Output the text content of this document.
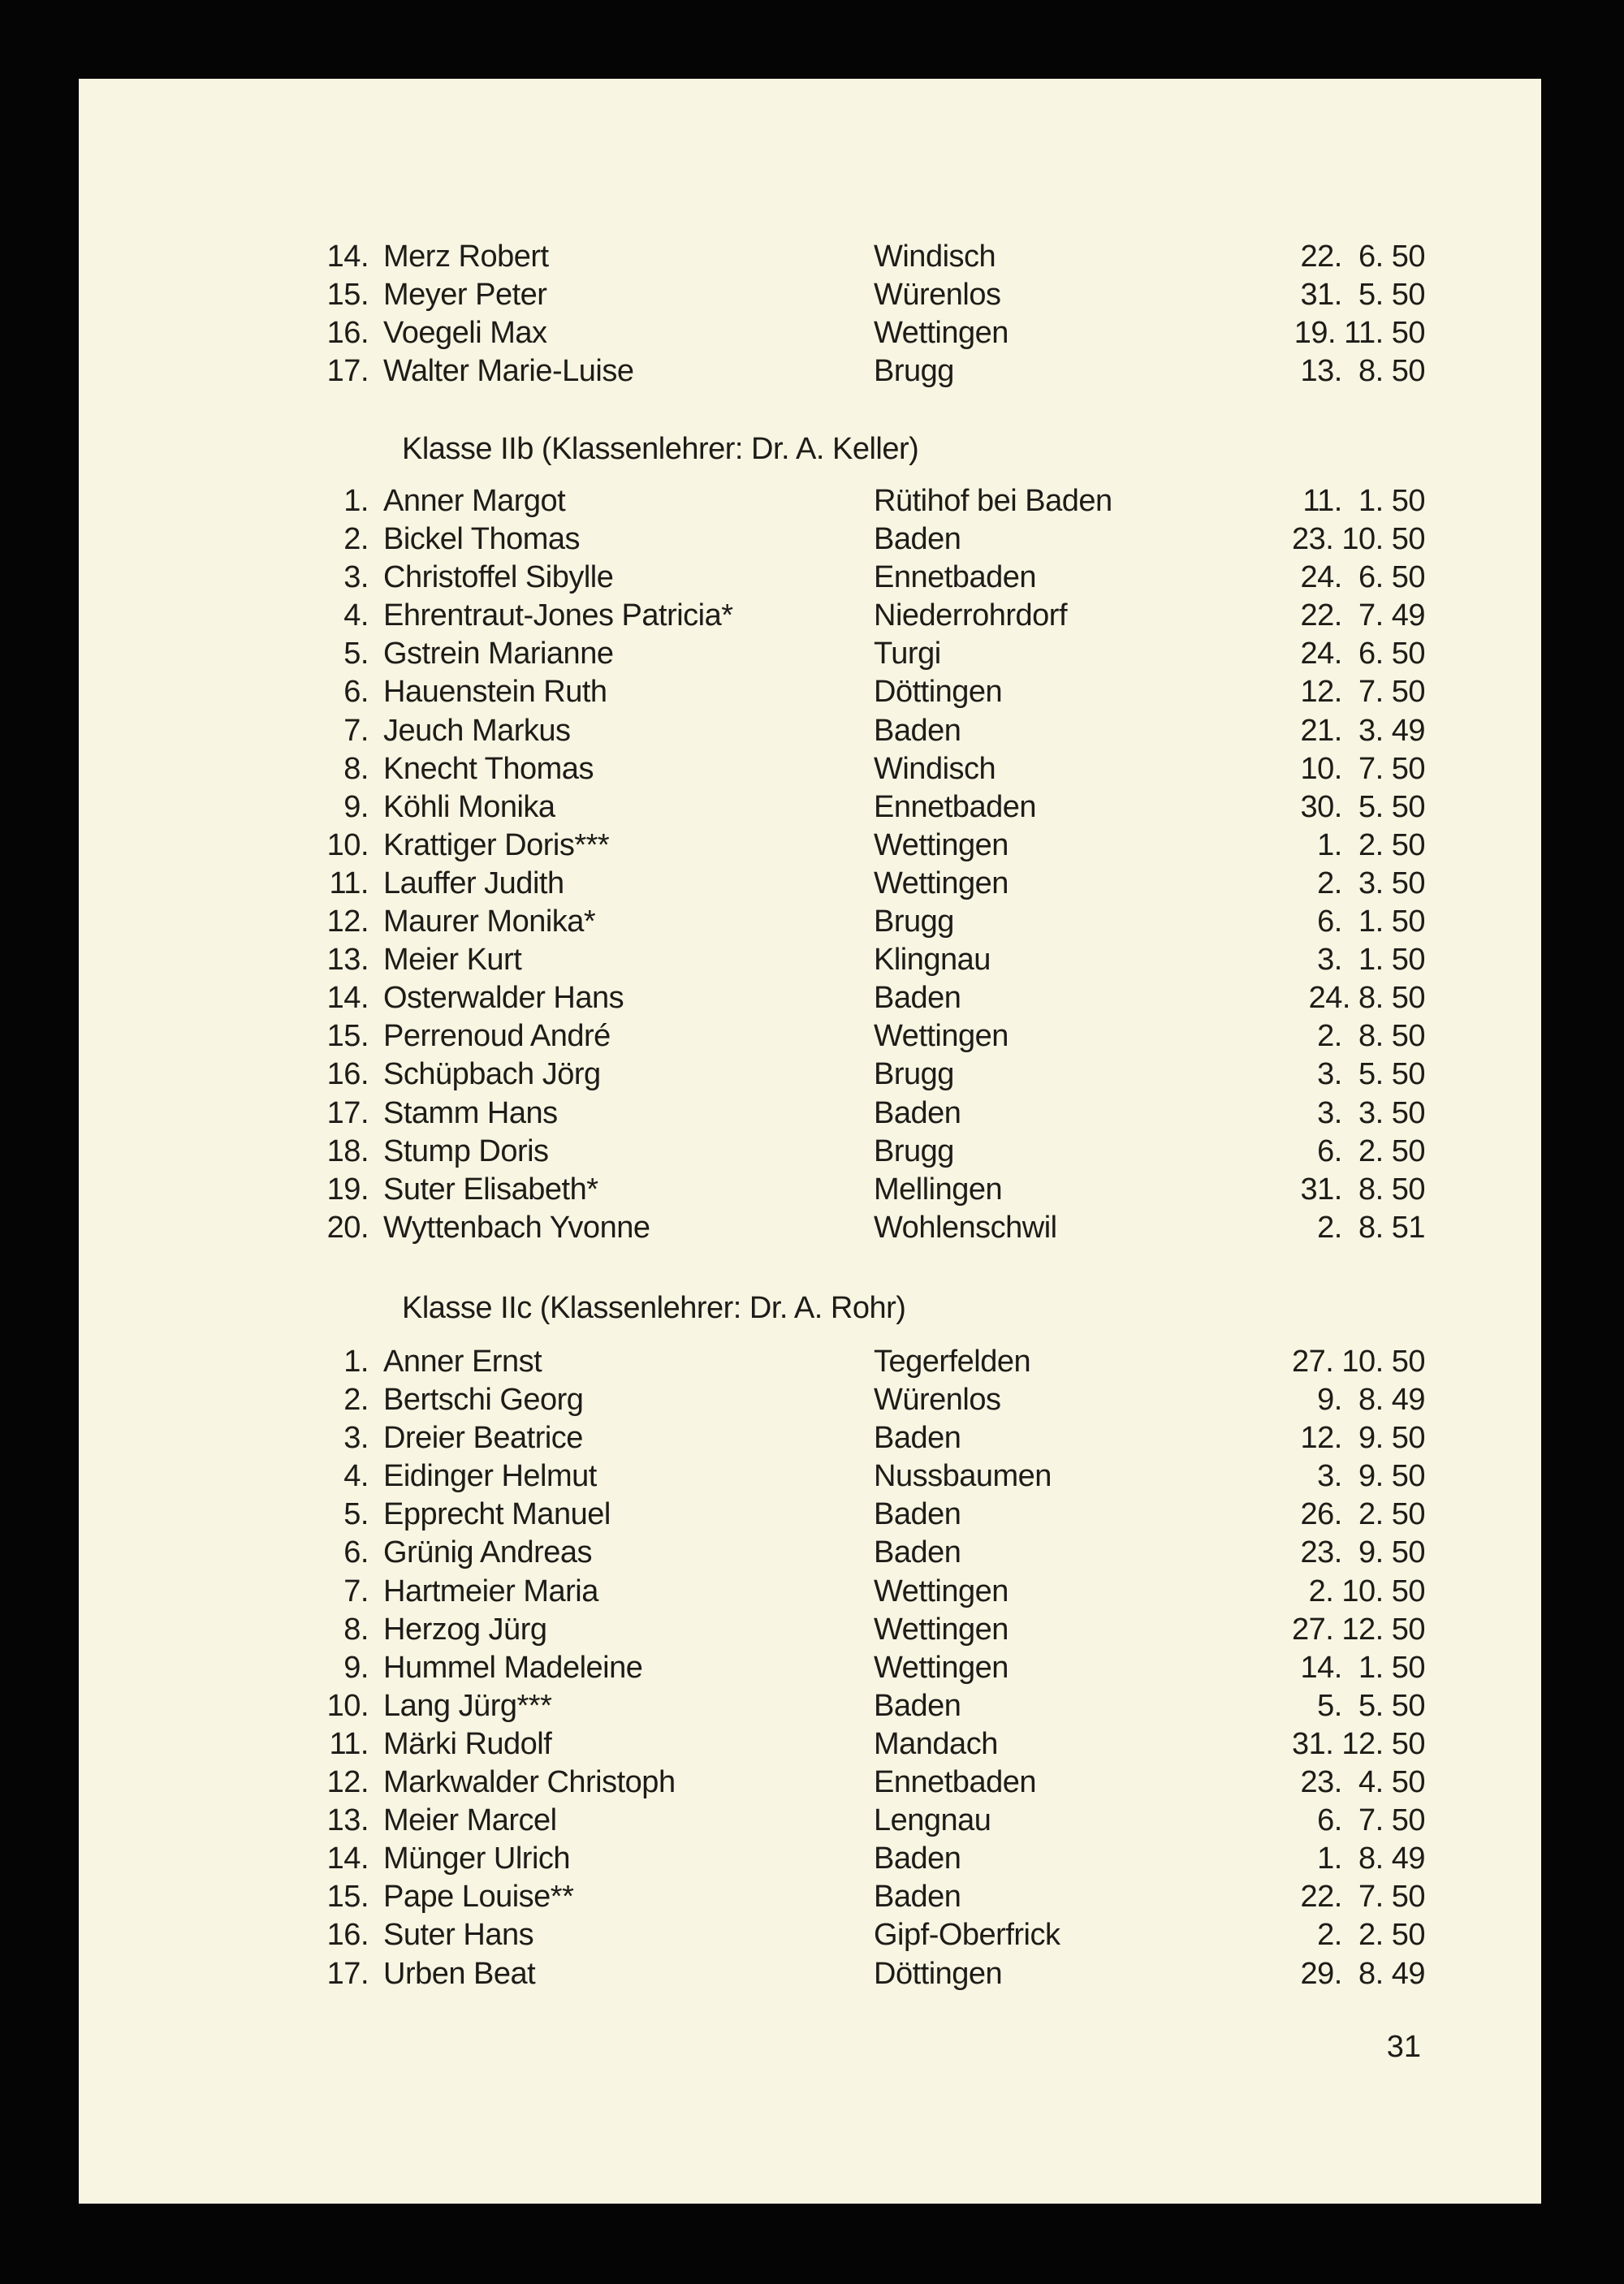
14. Merz Robert	Windisch	22.  6. 50
15. Meyer Peter	Würenlos	31.  5. 50
16. Voegeli Max	Wettingen	19. 11. 50
17. Walter Marie-Luise	Brugg	13.  8. 50
Klasse IIb (Klassenlehrer: Dr. A. Keller)
1. Anner Margot	Rütihof bei Baden	11.  1. 50
2. Bickel Thomas	Baden	23. 10. 50
3. Christoffel Sibylle	Ennetbaden	24.  6. 50
4. Ehrentraut-Jones Patricia*	Niederrohrdorf	22.  7. 49
5. Gstrein Marianne	Turgi	24.  6. 50
6. Hauenstein Ruth	Döttingen	12.  7. 50
7. Jeuch Markus	Baden	21.  3. 49
8. Knecht Thomas	Windisch	10.  7. 50
9. Köhli Monika	Ennetbaden	30.  5. 50
10. Krattiger Doris***	Wettingen	1.  2. 50
11. Lauffer Judith	Wettingen	2.  3. 50
12. Maurer Monika*	Brugg	6.  1. 50
13. Meier Kurt	Klingnau	3.  1. 50
14. Osterwalder Hans	Baden	24. 8. 50
15. Perrenoud André	Wettingen	2.  8. 50
16. Schüpbach Jörg	Brugg	3.  5. 50
17. Stamm Hans	Baden	3.  3. 50
18. Stump Doris	Brugg	6.  2. 50
19. Suter Elisabeth*	Mellingen	31.  8. 50
20. Wyttenbach Yvonne	Wohlenschwil	2.  8. 51
Klasse IIc (Klassenlehrer: Dr. A. Rohr)
1. Anner Ernst	Tegerfelden	27. 10. 50
2. Bertschi Georg	Würenlos	9.  8. 49
3. Dreier Beatrice	Baden	12.  9. 50
4. Eidinger Helmut	Nussbaumen	3.  9. 50
5. Epprecht Manuel	Baden	26.  2. 50
6. Grünig Andreas	Baden	23.  9. 50
7. Hartmeier Maria	Wettingen	2. 10. 50
8. Herzog Jürg	Wettingen	27. 12. 50
9. Hummel Madeleine	Wettingen	14.  1. 50
10. Lang Jürg***	Baden	5.  5. 50
11. Märki Rudolf	Mandach	31. 12. 50
12. Markwalder Christoph	Ennetbaden	23.  4. 50
13. Meier Marcel	Lengnau	6.  7. 50
14. Münger Ulrich	Baden	1.  8. 49
15. Pape Louise**	Baden	22.  7. 50
16. Suter Hans	Gipf-Oberfrick	2.  2. 50
17. Urben Beat	Döttingen	29.  8. 49
31
